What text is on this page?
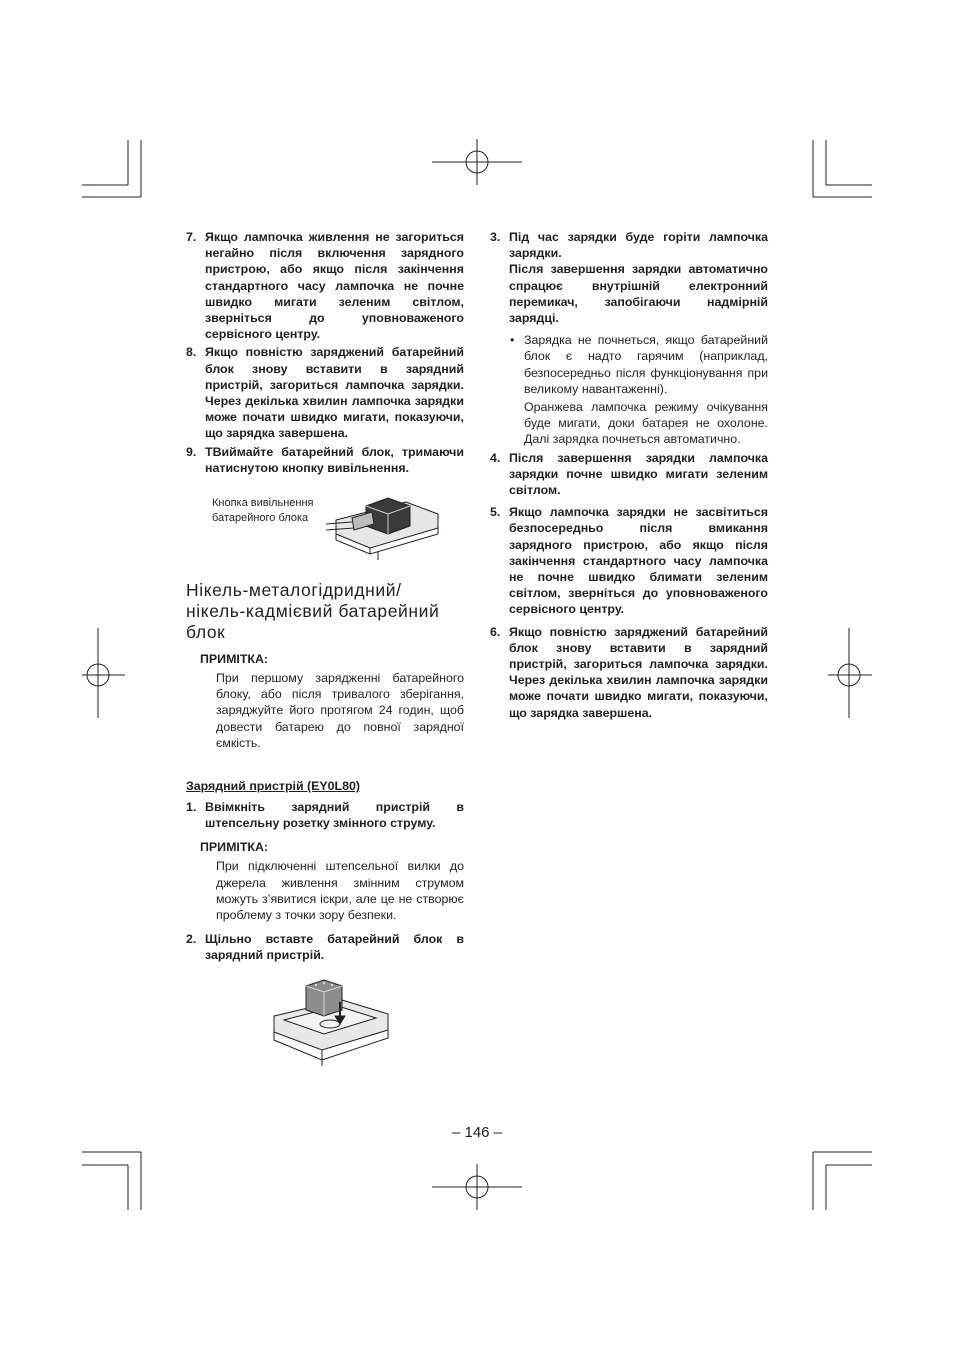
7. Якщо лампочка живлення не загориться негайно після включення зарядного пристрою, або якщо після закінчення стандартного часу лампочка не почне швидко мигати зеленим світлом, зверніться до уповноваженого сервісного центру.
8. Якщо повністю заряджений батарейний блок знову вставити в зарядний пристрій, загориться лампочка зарядки. Через декілька хвилин лампочка зарядки може почати швидко мигати, показуючи, що зарядка завершена.
9. ТВиймайте батарейний блок, тримаючи натиснутою кнопку вивільнення.
Кнопка вивільнення батарейного блока
Нікель-металогідридний/ нікель-кадмієвий батарейний блок
ПРИМІТКА:
При першому зарядженні батарейного блоку, або після тривалого зберігання, заряджуйте його протягом 24 годин, щоб довести батарею до повної зарядної ємкість.
Зарядний пристрій (EY0L80)
1. Ввімкніть зарядний пристрій в штепсельну розетку змінного струму.
ПРИМІТКА:
При підключенні штепсельної вилки до джерела живлення змінним струмом можуть з’явитися іскри, але це не створює проблему з точки зору безпеки.
2. Щільно вставте батарейний блок в зарядний пристрій.
3. Під час зарядки буде горіти лампочка зарядки.
Після завершення зарядки автоматично спрацює внутрішній електронний перемикач, запобігаючи надмірній зарядці.
• Зарядка не почнеться, якщо батарейний блок є надто гарячим (наприклад, безпосередньо після функціонування при великому навантаженні).
Оранжева лампочка режиму очікування буде мигати, доки батарея не охолоне. Далі зарядка почнеться автоматично.
4. Після завершення зарядки лампочка зарядки почне швидко мигати зеленим світлом.
5. Якщо лампочка зарядки не засвітиться безпосередньо після вмикання зарядного пристрою, або якщо після закінчення стандартного часу лампочка не почне швидко блимати зеленим світлом, зверніться до уповноваженого сервісного центру.
6. Якщо повністю заряджений батарейний блок знову вставити в зарядний пристрій, загориться лампочка зарядки. Через декілька хвилин лампочка зарядки може почати швидко мигати, показуючи, що зарядка завершена.
– 146 –
